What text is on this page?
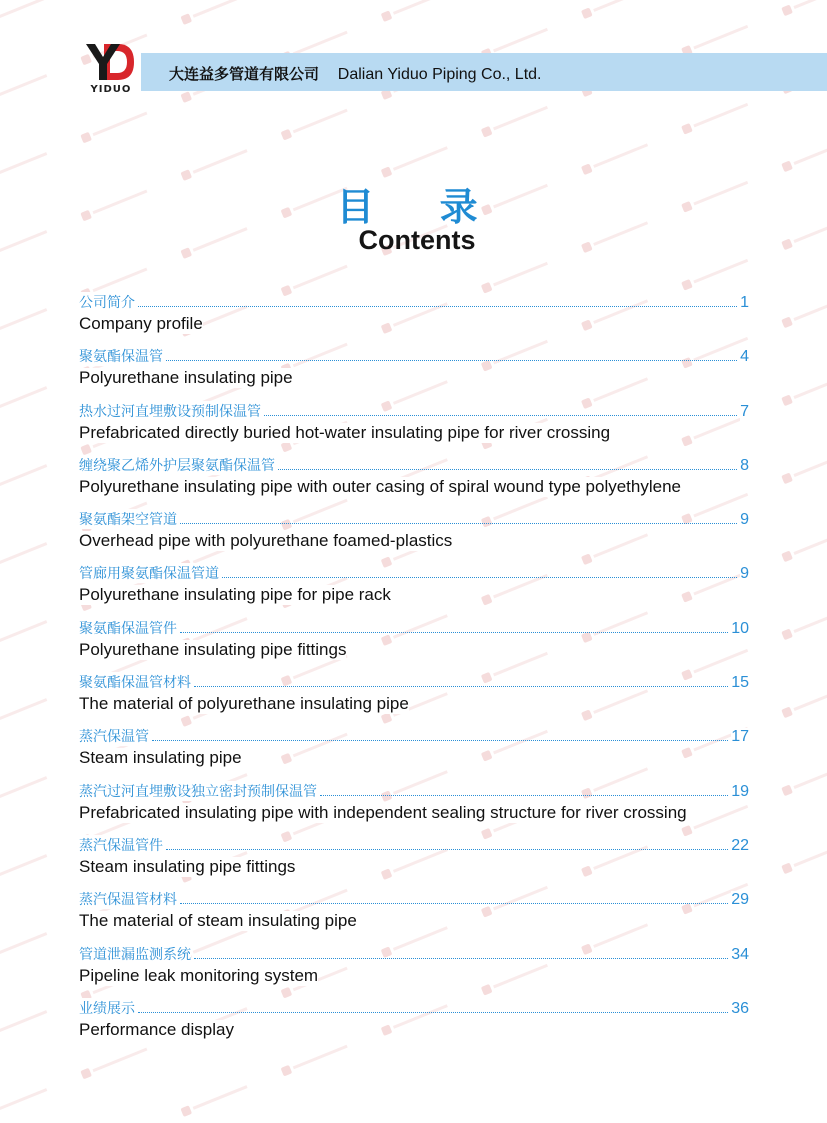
YIDUO
大连益多管道有限公司 Dalian Yiduo Piping Co., Ltd.
目 录
Contents
公司简介	1
Company profile
聚氨酯保温管	4
Polyurethane insulating pipe
热水过河直埋敷设预制保温管	7
Prefabricated directly buried hot-water insulating pipe for river crossing
缠绕聚乙烯外护层聚氨酯保温管	8
Polyurethane insulating pipe with outer casing of spiral wound type polyethylene
聚氨酯架空管道	9
Overhead pipe with polyurethane foamed-plastics
管廊用聚氨酯保温管道	9
Polyurethane insulating pipe for pipe rack
聚氨酯保温管件	10
Polyurethane insulating pipe fittings
聚氨酯保温管材料	15
The material of polyurethane insulating pipe
蒸汽保温管	17
Steam insulating pipe
蒸汽过河直埋敷设独立密封预制保温管	19
Prefabricated insulating pipe with independent sealing structure for river crossing
蒸汽保温管件	22
Steam insulating pipe fittings
蒸汽保温管材料	29
The material of steam insulating pipe
管道泄漏监测系统	34
Pipeline leak monitoring system
业绩展示	36
Performance display
